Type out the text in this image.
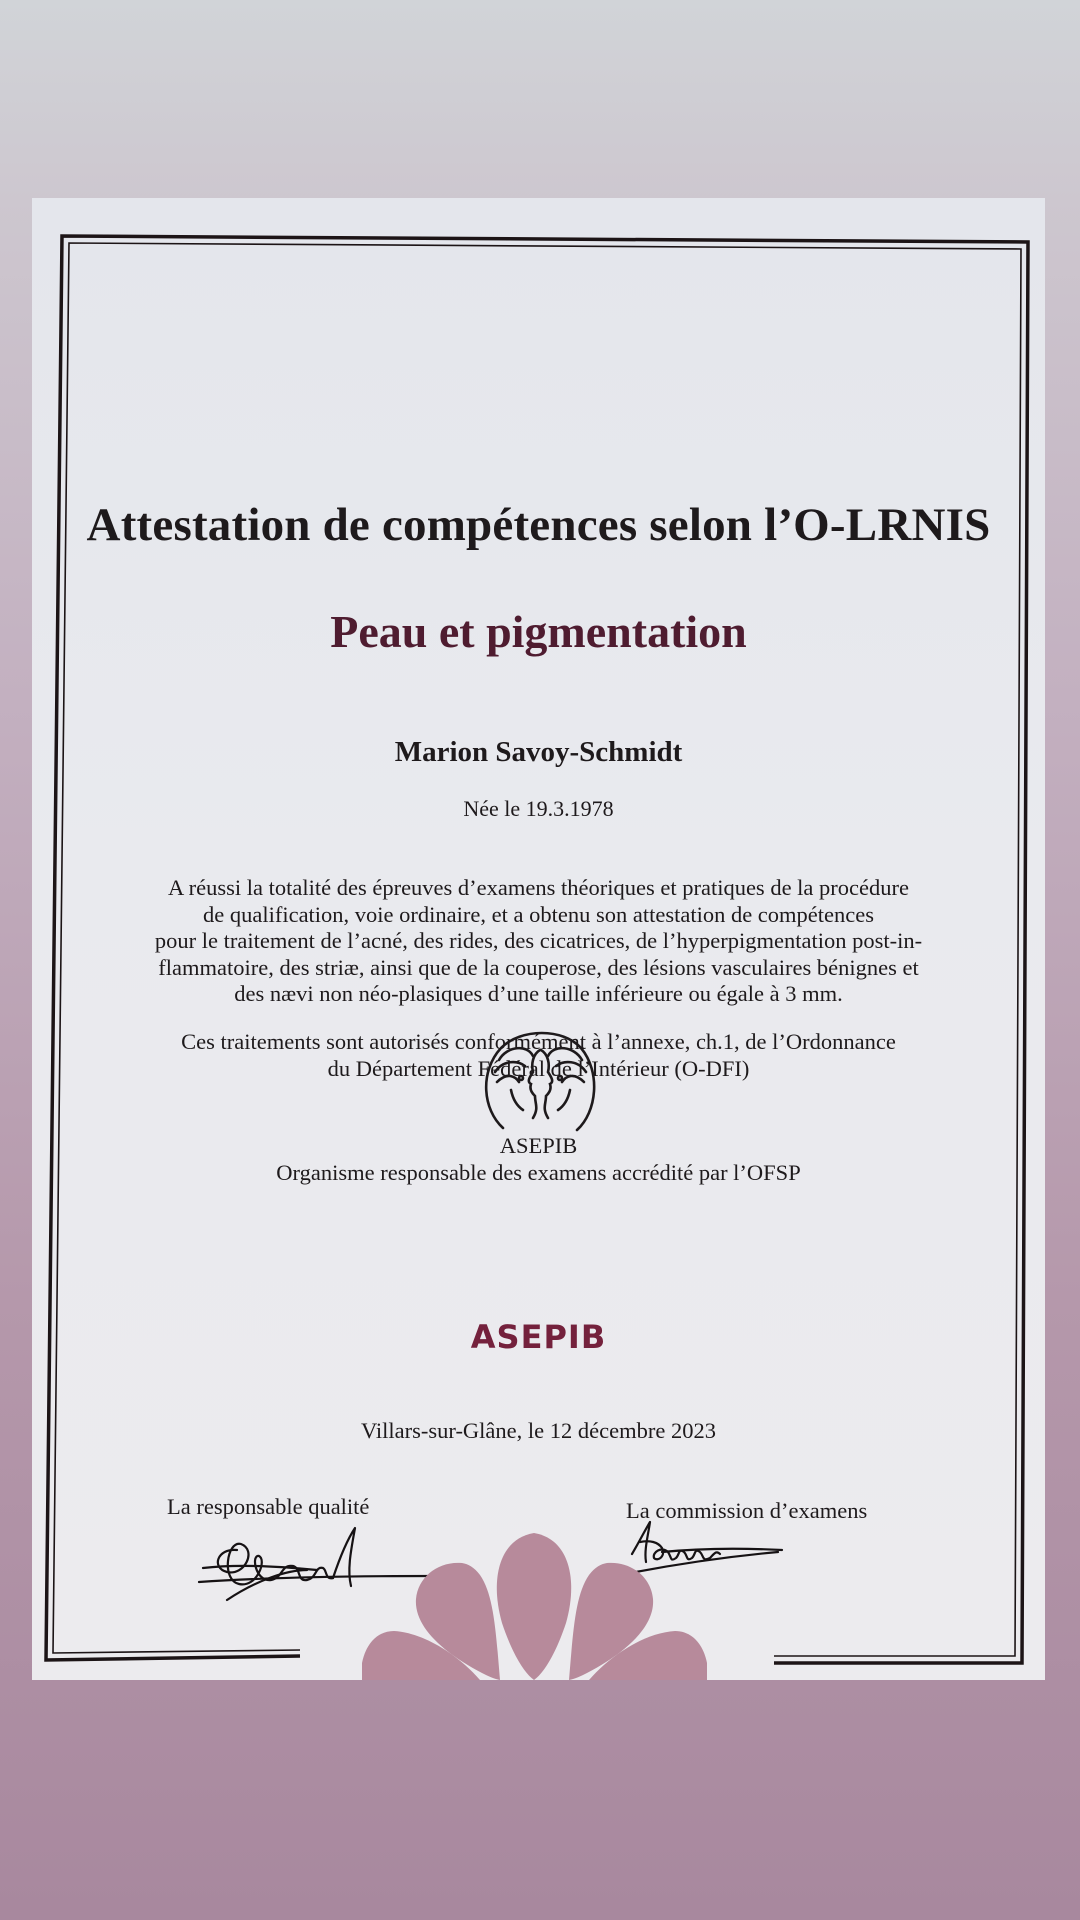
Attestation de compétences selon l’O-LRNIS
Peau et pigmentation
Marion Savoy-Schmidt
Née le 19.3.1978
A réussi la totalité des épreuves d’examens théoriques et pratiques de la procédure
de qualification, voie ordinaire, et a obtenu son attestation de compétences
pour le traitement de l’acné, des rides, des cicatrices, de l’hyperpigmentation post-in-
flammatoire, des striæ, ainsi que de la couperose, des lésions vasculaires bénignes et
des nævi non néo-plasiques d’une taille inférieure ou égale à 3 mm.
Ces traitements sont autorisés conformément à l’annexe, ch.1, de l’Ordonnance
du Département Fédéral de l’Intérieur (O-DFI)
ASEPIB
Organisme responsable des examens accrédité par l’OFSP
ASEPIB
Villars-sur-Glâne, le 12 décembre 2023
La responsable qualité	La commission d’examens
